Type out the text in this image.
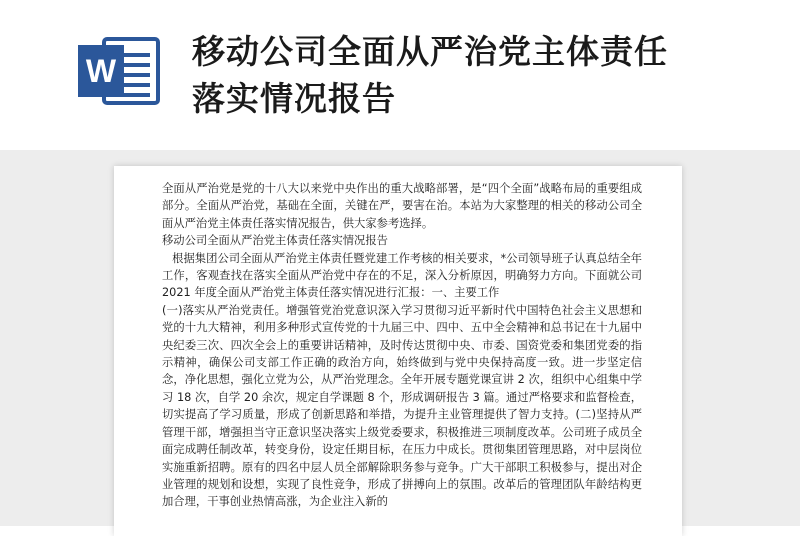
W 移动公司全面从严治党主体责任
落实情况报告

全面从严治党是党的十八大以来党中央作出的重大战略部署，是“四个全面”战略布局的重要组成部分。全面从严治党，基础在全面，关键在严，要害在治。本站为大家整理的相关的移动公司全面从严治党主体责任落实情况报告，供大家参考选择。

移动公司全面从严治党主体责任落实情况报告

根据集团公司全面从严治党主体责任暨党建工作考核的相关要求，*公司领导班子认真总结全年工作，客观查找在落实全面从严治党中存在的不足，深入分析原因，明确努力方向。下面就公司 2021 年度全面从严治党主体责任落实情况进行汇报：一、主要工作

(一)落实从严治党责任。增强管党治党意识深入学习贯彻习近平新时代中国特色社会主义思想和党的十九大精神，利用多种形式宣传党的十九届三中、四中、五中全会精神和总书记在十九届中央纪委三次、四次全会上的重要讲话精神，及时传达贯彻中央、市委、国资党委和集团党委的指示精神，确保公司支部工作正确的政治方向，始终做到与党中央保持高度一致。进一步坚定信念，净化思想，强化立党为公，从严治党理念。全年开展专题党课宣讲 2 次，组织中心组集中学习 18 次，自学 20 余次，规定自学课题 8 个，形成调研报告 3 篇。通过严格要求和监督检查，切实提高了学习质量，形成了创新思路和举措，为提升主业管理提供了智力支持。(二)坚持从严管理干部，增强担当守正意识坚决落实上级党委要求，积极推进三项制度改革。公司班子成员全面完成聘任制改革，转变身份，设定任期目标，在压力中成长。贯彻集团管理思路，对中层岗位实施重新招聘。原有的四名中层人员全部解除职务参与竞争。广大干部职工积极参与，提出对企业管理的规划和设想，实现了良性竞争，形成了拼搏向上的氛围。改革后的管理团队年龄结构更加合理，干事创业热情高涨，为企业注入新的
